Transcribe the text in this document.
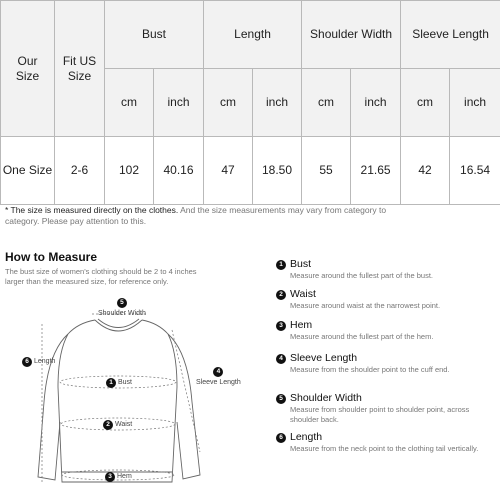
Our Size	Fit US Size	Bust		Length		Shoulder Width		Sleeve Length	
		cm	inch	cm	inch	cm	inch	cm	inch
One Size	2-6	102	40.16	47	18.50	55	21.65	42	16.54
* The size is measured directly on the clothes. And the size measurements may vary from category to category. Please pay attention to this.
How to Measure
The bust size of women's clothing should be 2 to 4 inches larger than the measured size, for reference only.
5
Shoulder Width
6 Length
4
Sleeve Length
1 Bust
2 Waist
3 Hem
1 Bust
Measure around the fullest part of the bust.
2 Waist
Measure around waist at the narrowest point.
3 Hem
Measure around the fullest part of the hem.
4 Sleeve Length
Measure from the shoulder point to the cuff end.
5 Shoulder Width
Measure from shoulder point to shoulder point, across shoulder back.
6 Length
Measure from the neck point to the clothing tail vertically.
